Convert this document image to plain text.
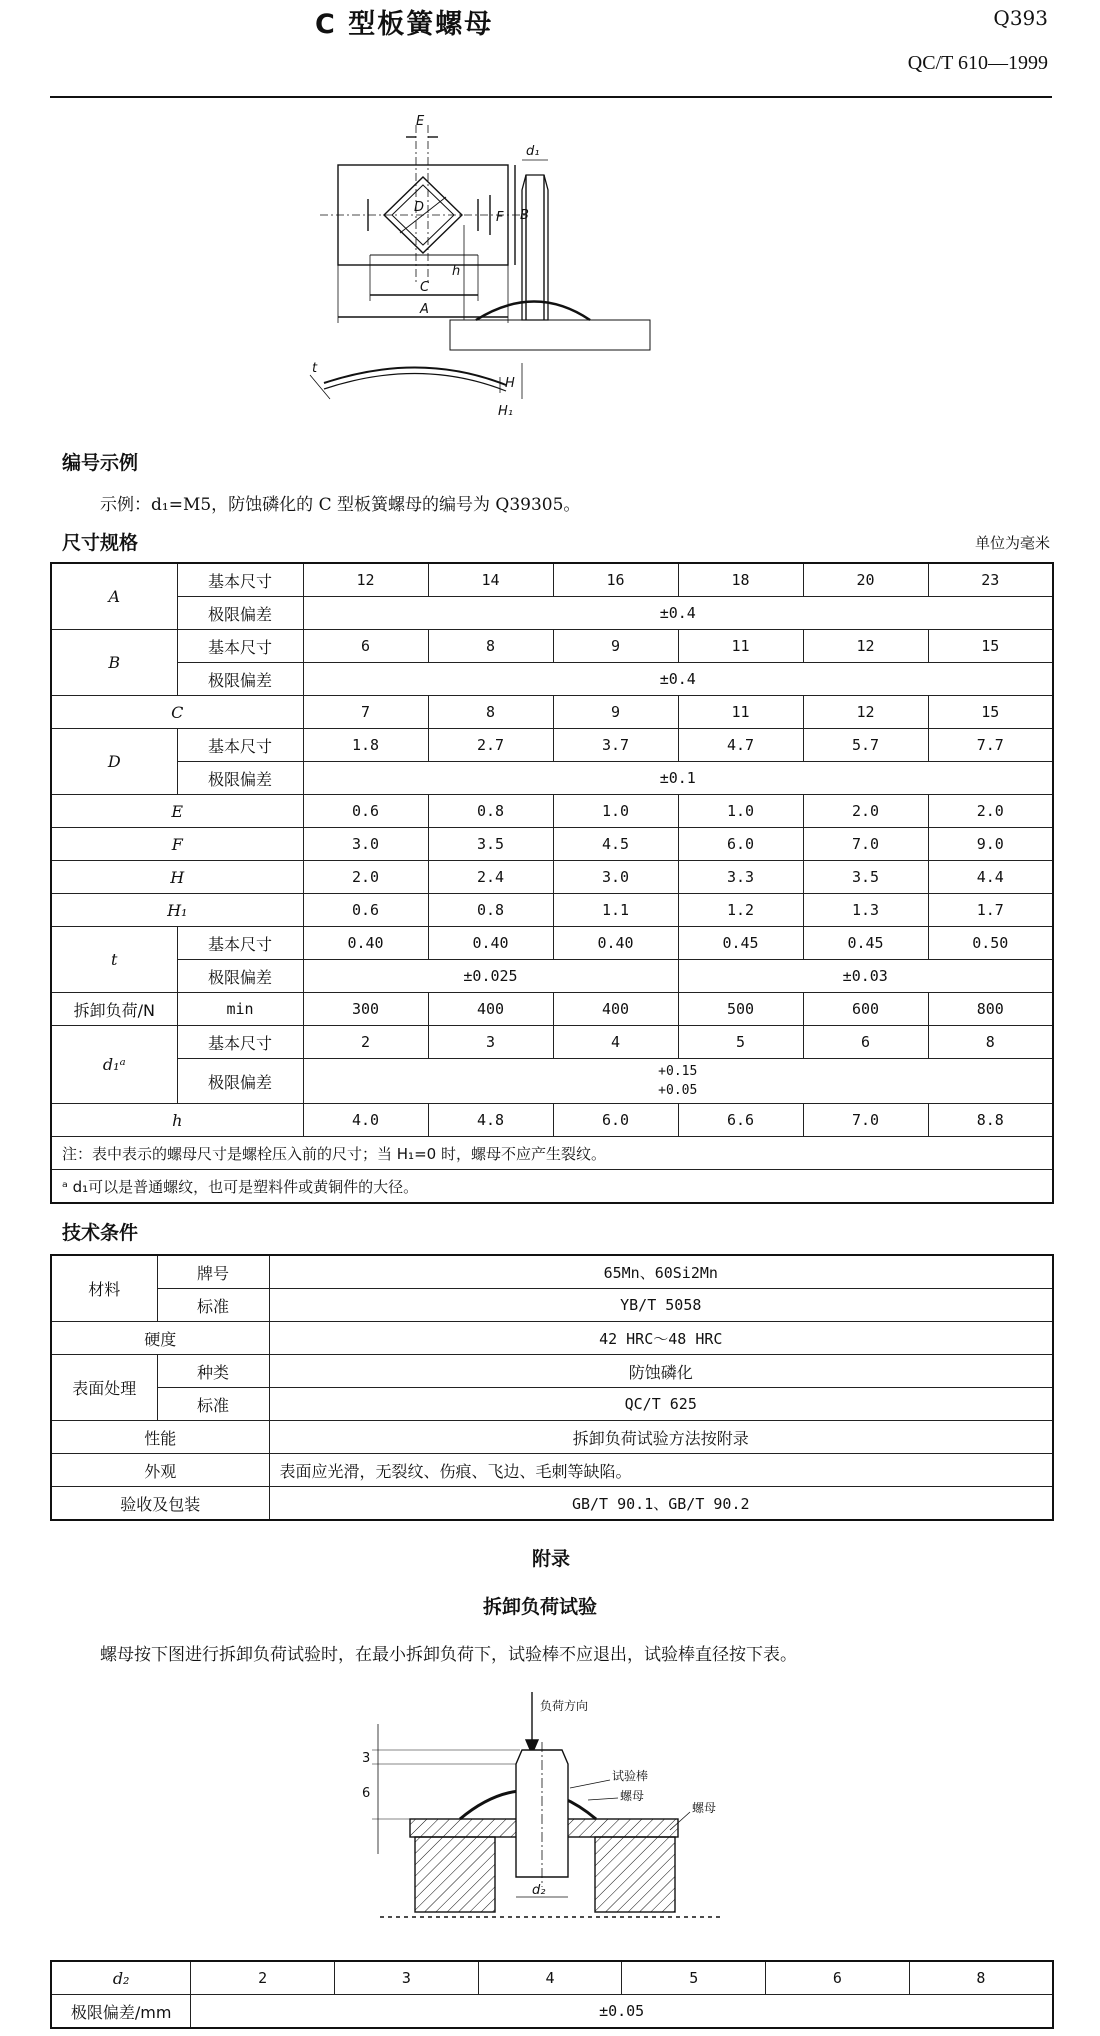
C 型板簧螺母	Q393
QC/T 610—1999
E
D
F B
C
A
d₁
h
t
H
H₁
编号示例
示例：d₁=M5，防蚀磷化的 C 型板簧螺母的编号为 Q39305。
尺寸规格	单位为毫米
A	基本尺寸	12	14	16	18	20	23
	极限偏差	±0.4					
B	基本尺寸	6	8	9	11	12	15
	极限偏差	±0.4					
C		7	8	9	11	12	15
D	基本尺寸	1.8	2.7	3.7	4.7	5.7	7.7
	极限偏差	±0.1					
E		0.6	0.8	1.0	1.0	2.0	2.0
F		3.0	3.5	4.5	6.0	7.0	9.0
H		2.0	2.4	3.0	3.3	3.5	4.4
H₁		0.6	0.8	1.1	1.2	1.3	1.7
t	基本尺寸	0.40	0.40	0.40	0.45	0.45	0.50
	极限偏差	±0.025			±0.03		
拆卸负荷/N	min	300	400	400	500	600	800
d₁ᵃ	基本尺寸	2	3	4	5	6	8
	极限偏差	+0.15
+0.05					

h		4.0	4.8	6.0	6.6	7.0	8.8
注：表中表示的螺母尺寸是螺栓压入前的尺寸；当 H₁=0 时，螺母不应产生裂纹。							
ᵃ d₁可以是普通螺纹，也可是塑料件或黄铜件的大径。							
技术条件
材料	牌号	65Mn、60Si2Mn
	标准	YB/T 5058
硬度		42 HRC～48 HRC
表面处理	种类	防蚀磷化
	标准	QC/T 625
性能		拆卸负荷试验方法按附录
外观		表面应光滑，无裂纹、伤痕、飞边、毛刺等缺陷。
验收及包装		GB/T 90.1、GB/T 90.2
附录
拆卸负荷试验
螺母按下图进行拆卸负荷试验时，在最小拆卸负荷下，试验棒不应退出，试验棒直径按下表。
负荷方向
试验棒
螺母
螺母
3
6
d₂
d₂	2	3	4	5	6	8
极限偏差/mm	±0.05					
